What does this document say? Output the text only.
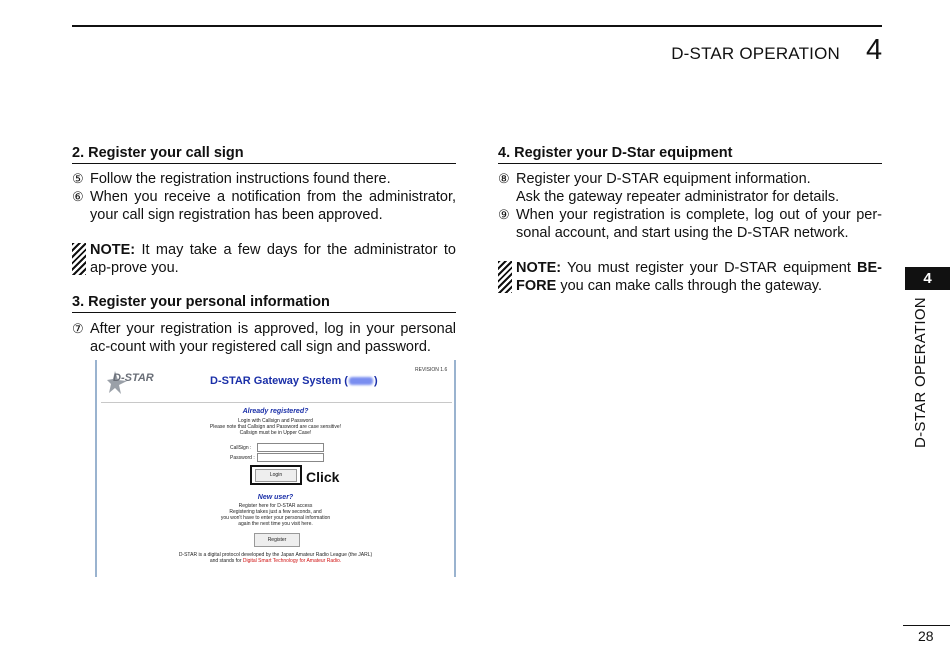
D-STAR OPERATION 4
2. Register your call sign
⑤ Follow the registration instructions found there.
⑥ When you receive a notification from the administrator, your call sign registration has been approved.
NOTE: It may take a few days for the administrator to ap-prove you.
3. Register your personal information
⑦ After your registration is approved, log in your personal ac-count with your registered call sign and password.
D-STAR	D-STAR Gateway System ( )
REVISION 1.6
Already registered?
Login with Callsign and Password
Please note that Callsign and Password are case sensitive!
Callsign must be in Upper Case!
CallSign :
Password :
Login	Click
New user?
Register here for D-STAR access
Registering takes just a few seconds, and
you won't have to enter your personal information
again the next time you visit here.
Register
D-STAR is a digital protocol developed by the Japan Amateur Radio League (the JARL)
and stands for Digital Smart Technology for Amateur Radio.
4. Register your D-Star equipment
⑧ Register your D-STAR equipment information.
Ask the gateway repeater administrator for details.
⑨ When your registration is complete, log out of your per-sonal account, and start using the D-STAR network.
NOTE: You must register your D-STAR equipment BE-FORE you can make calls through the gateway.	4
D-STAR OPERATION
28
